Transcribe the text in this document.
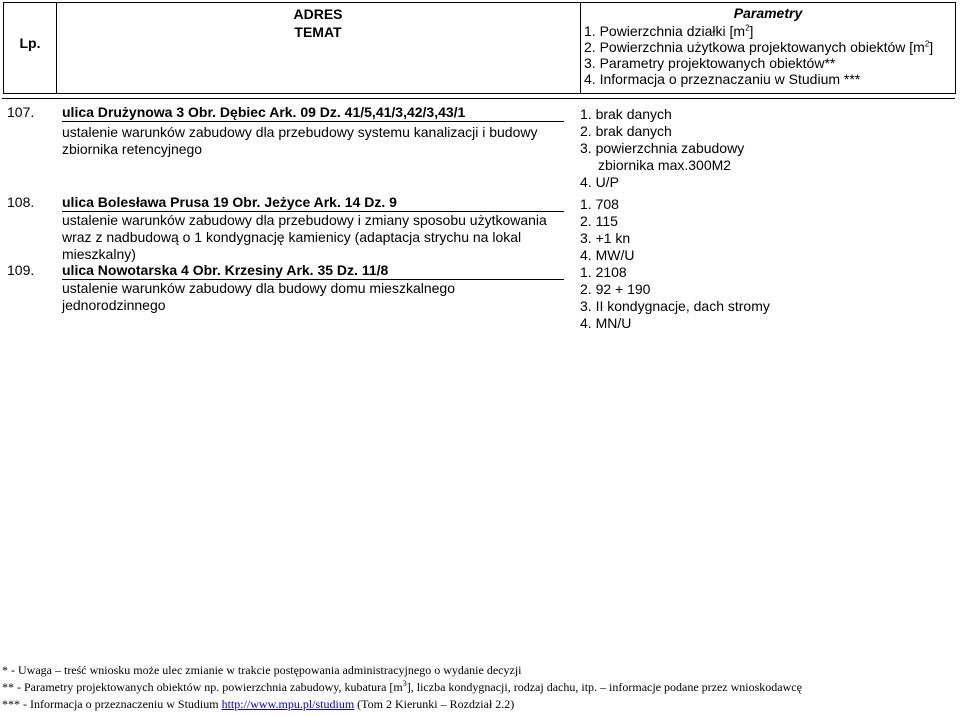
Lp.
ADRES
TEMAT
Parametry
1. Powierzchnia działki $[m^2]$
2. Powierzchnia użytkowa projektowanych obiektów $[m^2]$
3. Parametry projektowanych obiektów**
4. Informacja o przeznaczaniu w Studium ***
107. ulica Drużynowa 3 Obr. Dębiec Ark. 09 Dz. 41/5,41/3,42/3,43/1
ustalenie warunków zabudowy dla przebudowy systemu kanalizacji i budowy
zbiornika retencyjnego
1. brak danych
2. brak danych
3. powierzchnia zabudowy
zbiornika max.300M2
4. U/P
108. ulica Bolesława Prusa 19 Obr. Jeżyce Ark. 14 Dz. 9
ustalenie warunków zabudowy dla przebudowy i zmiany sposobu użytkowania
wraz z nadbudową o 1 kondygnację kamienicy (adaptacja strychu na lokal
mieszkalny)
1. 708
2. 115
3. +1 kn
4. MW/U
109. ulica Nowotarska 4 Obr. Krzesiny Ark. 35 Dz. 11/8
ustalenie warunków zabudowy dla budowy domu mieszkalnego
jednorodzinnego
1. 2108
2. 92 + 190
3. II kondygnacje, dach stromy
4. MN/U
* - Uwaga – treść wniosku może ulec zmianie w trakcie postępowania administracyjnego o wydanie decyzji
** - Parametry projektowanych obiektów np. powierzchnia zabudowy, kubatura $[m^3]$, liczba kondygnacji, rodzaj dachu, itp. – informacje podane przez wnioskodawcę
*** - Informacja o przeznaczeniu w Studium http://www.mpu.pl/studium (Tom 2 Kierunki – Rozdział 2.2)
